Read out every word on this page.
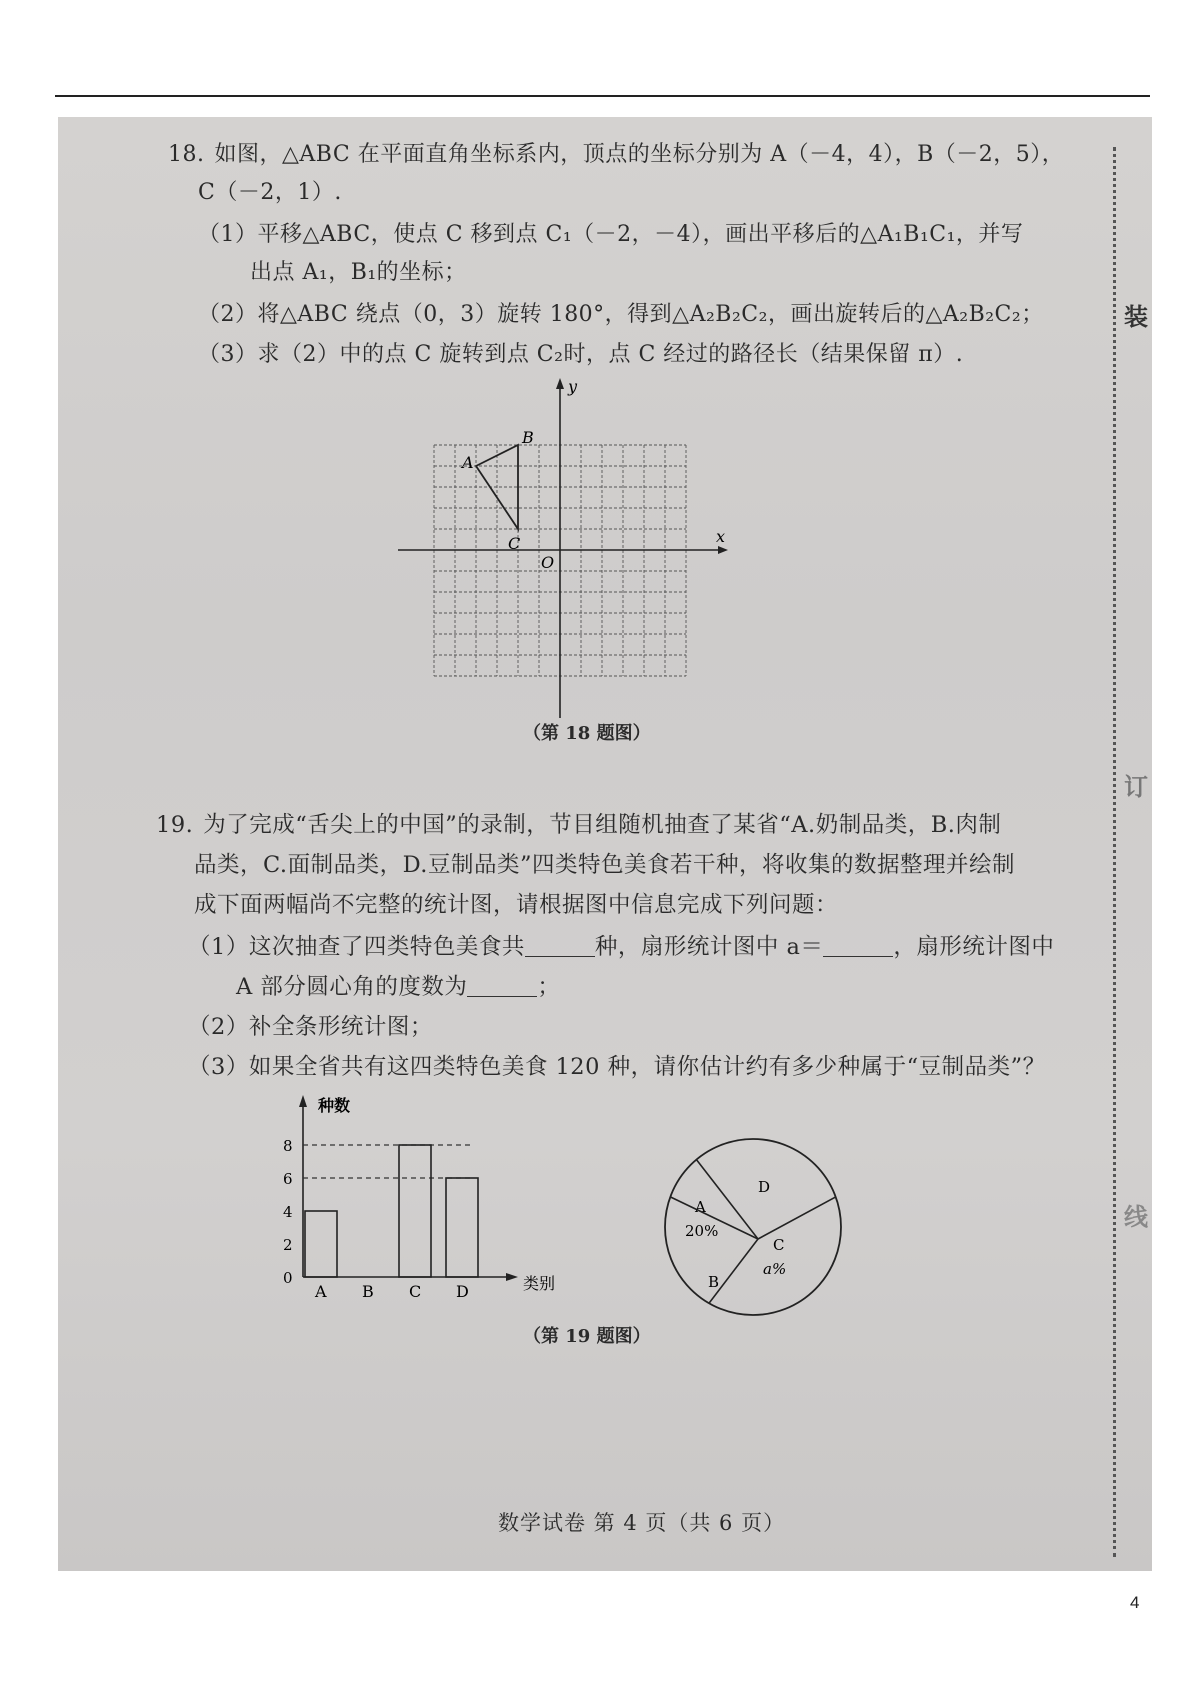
装
订
线
18. 如图，△ABC 在平面直角坐标系内，顶点的坐标分别为 A（－4，4），B（－2，5），
C（－2，1）.
（1）平移△ABC，使点 C 移到点 C₁（－2，－4），画出平移后的△A₁B₁C₁，并写
出点 A₁，B₁的坐标；
（2）将△ABC 绕点（0，3）旋转 180°，得到△A₂B₂C₂，画出旋转后的△A₂B₂C₂；
（3）求（2）中的点 C 旋转到点 C₂时，点 C 经过的路径长（结果保留 π）.
x
y
O
A
B
C
（第 18 题图）
19. 为了完成“舌尖上的中国”的录制，节目组随机抽查了某省“A.奶制品类，B.肉制
品类，C.面制品类，D.豆制品类”四类特色美食若干种，将收集的数据整理并绘制
成下面两幅尚不完整的统计图，请根据图中信息完成下列问题：
（1）这次抽查了四类特色美食共	种，扇形统计图中 a＝	，扇形统计图中
A 部分圆心角的度数为	；
（2）补全条形统计图；
（3）如果全省共有这四类特色美食 120 种，请你估计约有多少种属于“豆制品类”？
种数
类别
0
2
4
6
8
A B C D
A
20%
B
C
a%
D
（第 19 题图）
数学试卷 第 4 页（共 6 页）
4
